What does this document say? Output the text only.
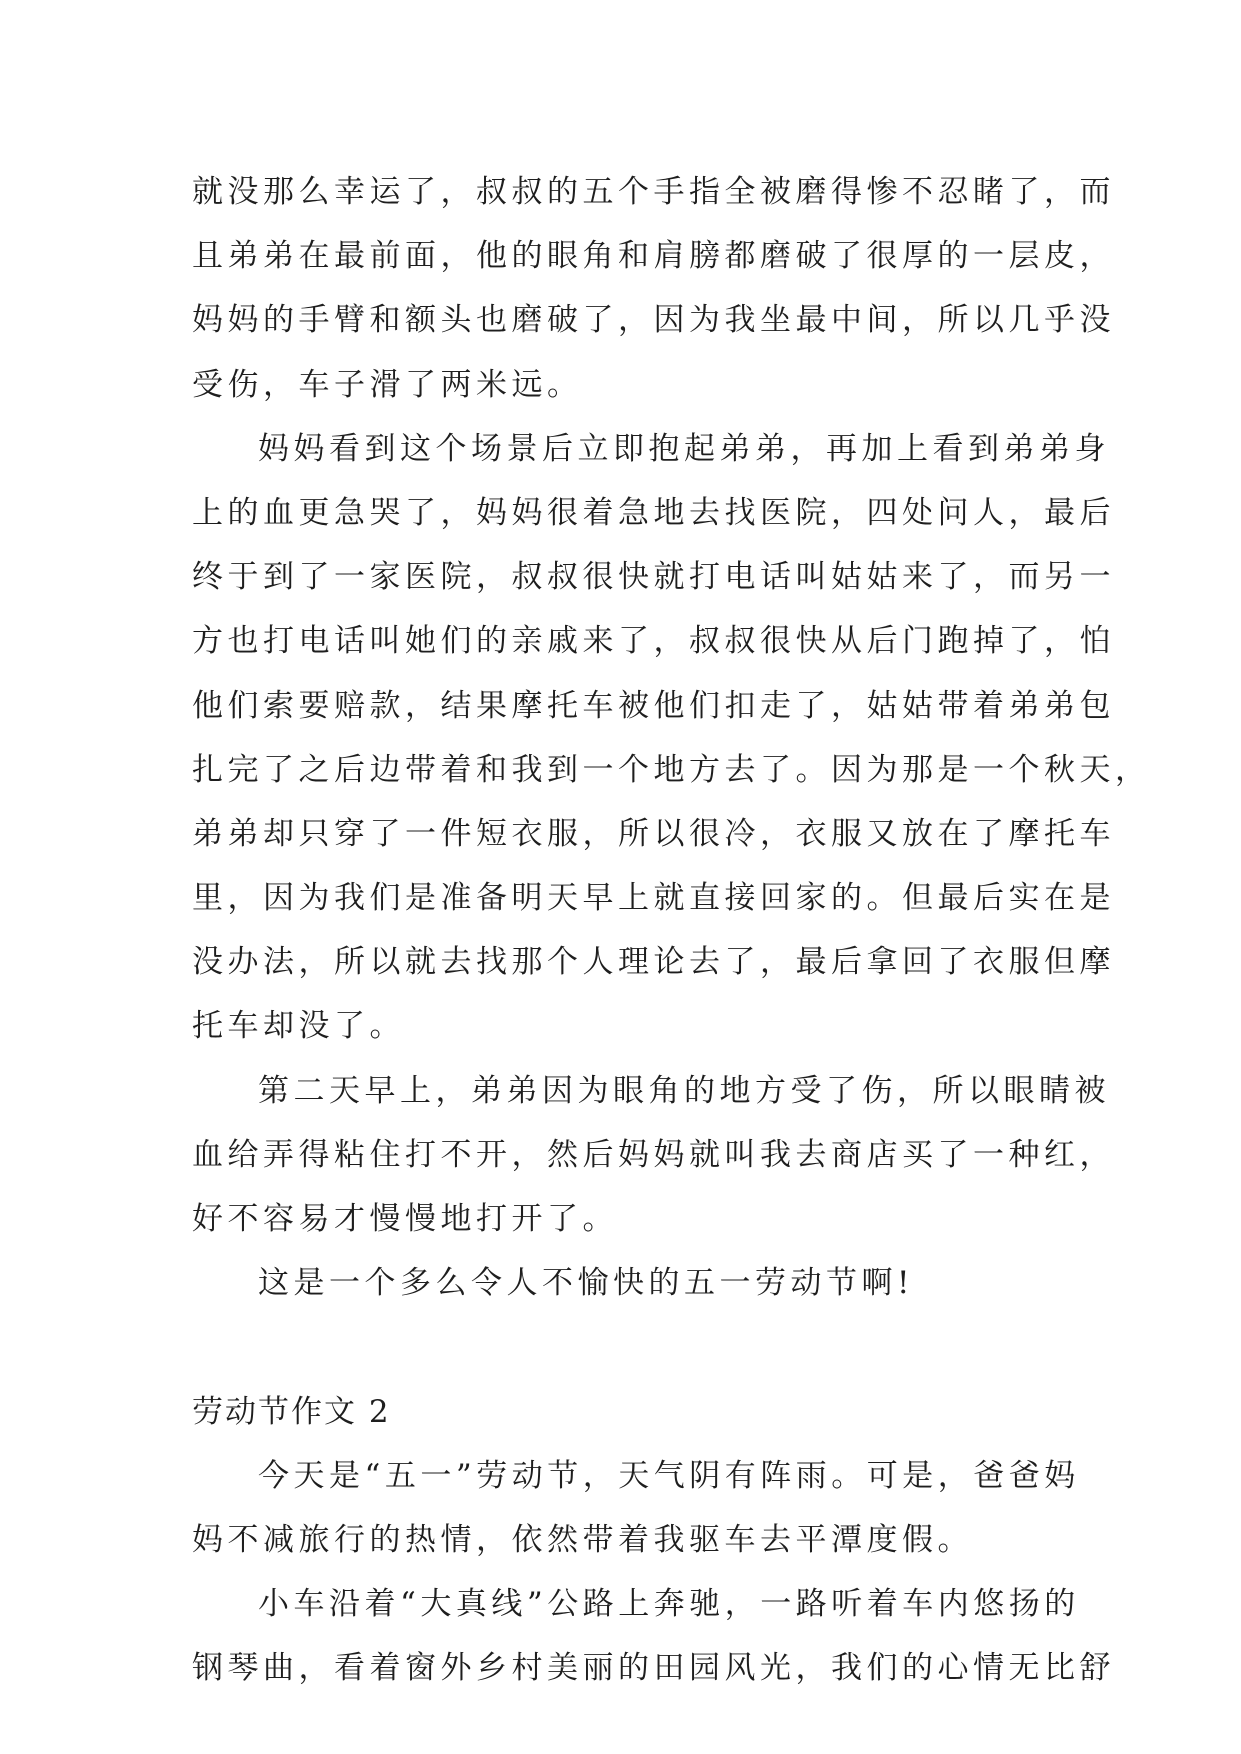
就没那么幸运了，叔叔的五个手指全被磨得惨不忍睹了，而
且弟弟在最前面，他的眼角和肩膀都磨破了很厚的一层皮，
妈妈的手臂和额头也磨破了，因为我坐最中间，所以几乎没
受伤，车子滑了两米远。
妈妈看到这个场景后立即抱起弟弟，再加上看到弟弟身
上的血更急哭了，妈妈很着急地去找医院，四处问人，最后
终于到了一家医院，叔叔很快就打电话叫姑姑来了，而另一
方也打电话叫她们的亲戚来了，叔叔很快从后门跑掉了，怕
他们索要赔款，结果摩托车被他们扣走了，姑姑带着弟弟包
扎完了之后边带着和我到一个地方去了。因为那是一个秋天，
弟弟却只穿了一件短衣服，所以很冷，衣服又放在了摩托车
里，因为我们是准备明天早上就直接回家的。但最后实在是
没办法，所以就去找那个人理论去了，最后拿回了衣服但摩
托车却没了。
第二天早上，弟弟因为眼角的地方受了伤，所以眼睛被
血给弄得粘住打不开，然后妈妈就叫我去商店买了一种红，
好不容易才慢慢地打开了。
这是一个多么令人不愉快的五一劳动节啊!
劳动节作文 2
今天是“五一”劳动节，天气阴有阵雨。可是，爸爸妈
妈不减旅行的热情，依然带着我驱车去平潭度假。
小车沿着“大真线”公路上奔驰，一路听着车内悠扬的
钢琴曲，看着窗外乡村美丽的田园风光，我们的心情无比舒
